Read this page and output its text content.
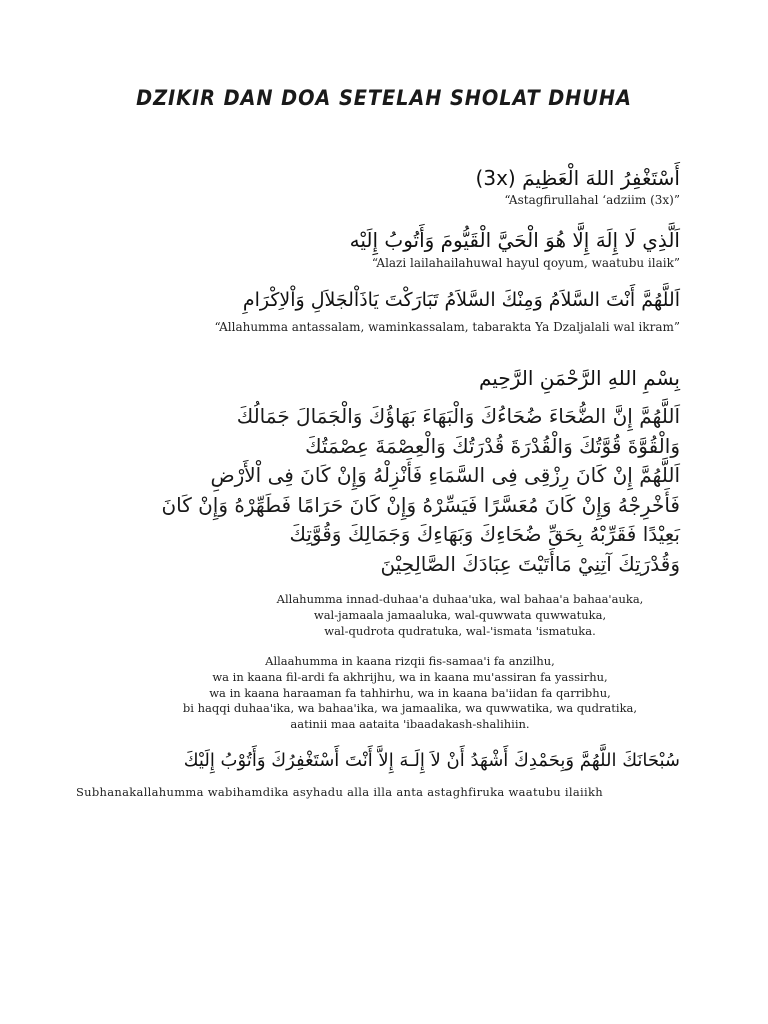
DZIKIR DAN DOA SETELAH SHOLAT DHUHA
أَسْتَغْفِرُ اللهَ الْعَظِيمَ (3x)
“Astagfirullahal ‘adziim (3x)”
اَلَّذِي لَا إِلَهَ إِلَّا هُوَ الْحَيَّ الْقَيُّومَ وَأَتُوبُ إِلَيْه
“Alazi lailahailahuwal hayul qoyum, waatubu ilaik”
اَللَّهُمَّ أَنْتَ السَّلاَمُ وَمِنْكَ السَّلاَمُ تَبَارَكْتَ يَاذَاْلجَلاَلِ وَاْلاِكْرَامِ
“Allahumma antassalam, waminkassalam, tabarakta Ya Dzaljalali wal ikram”
بِسْمِ اللهِ الرَّحْمَنِ الرَّحِيم
اَللَّهُمَّ إِنَّ الضُّحَاءَ ضُحَاءُكَ وَالْبَهَاءَ بَهَاؤُكَ وَالْجَمَالَ جَمَالُكَ
وَالْقُوَّةَ قُوَّتُكَ وَالْقُدْرَةَ قُدْرَتُكَ وَالْعِصْمَةَ عِصْمَتُكَ
اَللَّهُمَّ إِنْ كَانَ رِزْقِى فِى السَّمَاءِ فَأَنْزِلْهُ وَإِنْ كَانَ فِى اْلأَرْضِ
فَأَخْرِجْهُ وَإِنْ كَانَ مُعَسَّرًا فَيَسِّرْهُ وَإِنْ كَانَ حَرَامًا فَطَهِّرْهُ وَإِنْ كَانَ
بَعِيْدًا فَقَرِّبْهُ بِحَقِّ ضُحَاءِكَ وَبَهَاءِكَ وَجَمَالِكَ وَقُوَّتِكَ
وَقُدْرَتِكَ آتِنِيْ مَاأَتَيْتَ عِبَادَكَ الصَّالِحِيْنَ
Allahumma innad-duhaa'a duhaa'uka, wal bahaa'a bahaa'auka,
wal-jamaala jamaaluka, wal-quwwata quwwatuka,
wal-qudrota qudratuka, wal-'ismata 'ismatuka.
Allaahumma in kaana rizqii fis-samaa'i fa anzilhu,
wa in kaana fil-ardi fa akhrijhu, wa in kaana mu'assiran fa yassirhu,
wa in kaana haraaman fa tahhirhu, wa in kaana ba'iidan fa qarribhu,
bi haqqi duhaa'ika, wa bahaa'ika, wa jamaalika, wa quwwatika, wa qudratika,
aatinii maa aataita 'ibaadakash-shalihiin.
سُبْحَانَكَ اللَّهُمَّ وَبِحَمْدِكَ أَشْهَدُ أَنْ لاَ إِلَـهَ إِلاَّ أَنْتَ أَسْتَغْفِرُكَ وَأَتُوْبُ إِلَيْكَ
Subhanakallahumma wabihamdika asyhadu alla illa anta astaghfiruka waatubu ilaiikh
